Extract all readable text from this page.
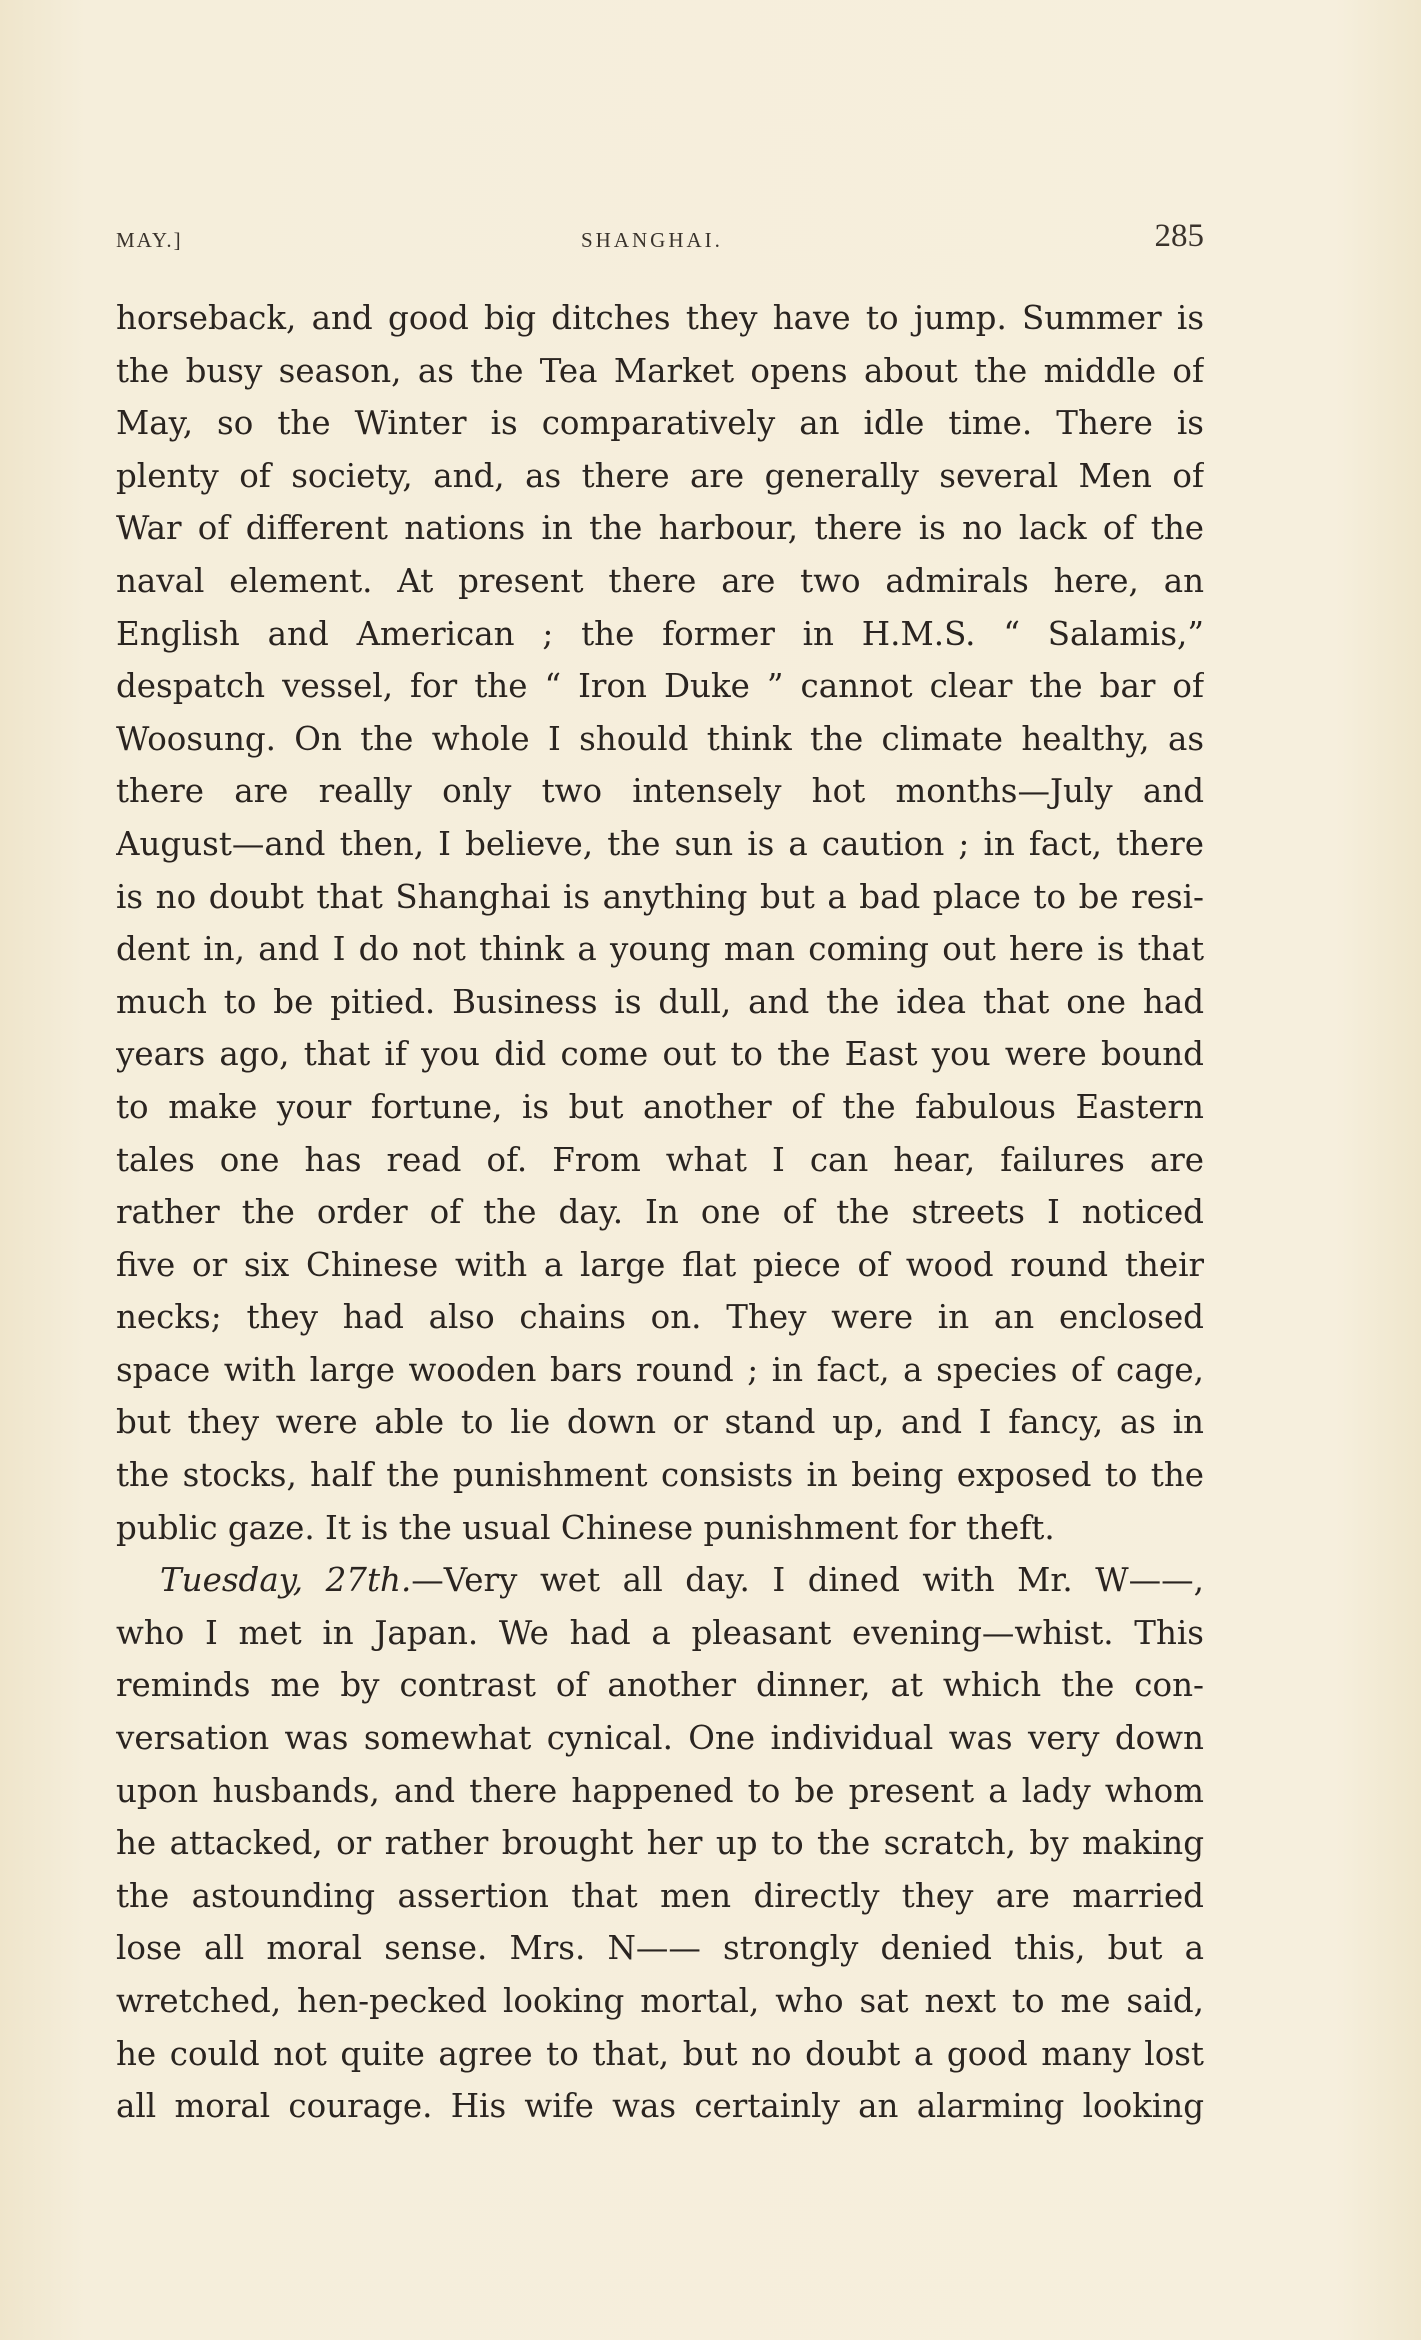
MAY.]	SHANGHAI.	285
horseback, and good big ditches they have to jump. Summer is
the busy season, as the Tea Market opens about the middle of
May, so the Winter is comparatively an idle time. There is
plenty of society, and, as there are generally several Men of
War of different nations in the harbour, there is no lack of the
naval element. At present there are two admirals here, an
English and American ; the former in H.M.S. “ Salamis,”
despatch vessel, for the “ Iron Duke ” cannot clear the bar of
Woosung. On the whole I should think the climate healthy, as
there are really only two intensely hot months—July and
August—and then, I believe, the sun is a caution ; in fact, there
is no doubt that Shanghai is anything but a bad place to be resi-
dent in, and I do not think a young man coming out here is that
much to be pitied. Business is dull, and the idea that one had
years ago, that if you did come out to the East you were bound
to make your fortune, is but another of the fabulous Eastern
tales one has read of. From what I can hear, failures are
rather the order of the day. In one of the streets I noticed
five or six Chinese with a large flat piece of wood round their
necks; they had also chains on. They were in an enclosed
space with large wooden bars round ; in fact, a species of cage,
but they were able to lie down or stand up, and I fancy, as in
the stocks, half the punishment consists in being exposed to the
public gaze. It is the usual Chinese punishment for theft.
Tuesday, 27th.—Very wet all day. I dined with Mr. W——,
who I met in Japan. We had a pleasant evening—whist. This
reminds me by contrast of another dinner, at which the con-
versation was somewhat cynical. One individual was very down
upon husbands, and there happened to be present a lady whom
he attacked, or rather brought her up to the scratch, by making
the astounding assertion that men directly they are married
lose all moral sense. Mrs. N—— strongly denied this, but a
wretched, hen-pecked looking mortal, who sat next to me said,
he could not quite agree to that, but no doubt a good many lost
all moral courage. His wife was certainly an alarming looking
